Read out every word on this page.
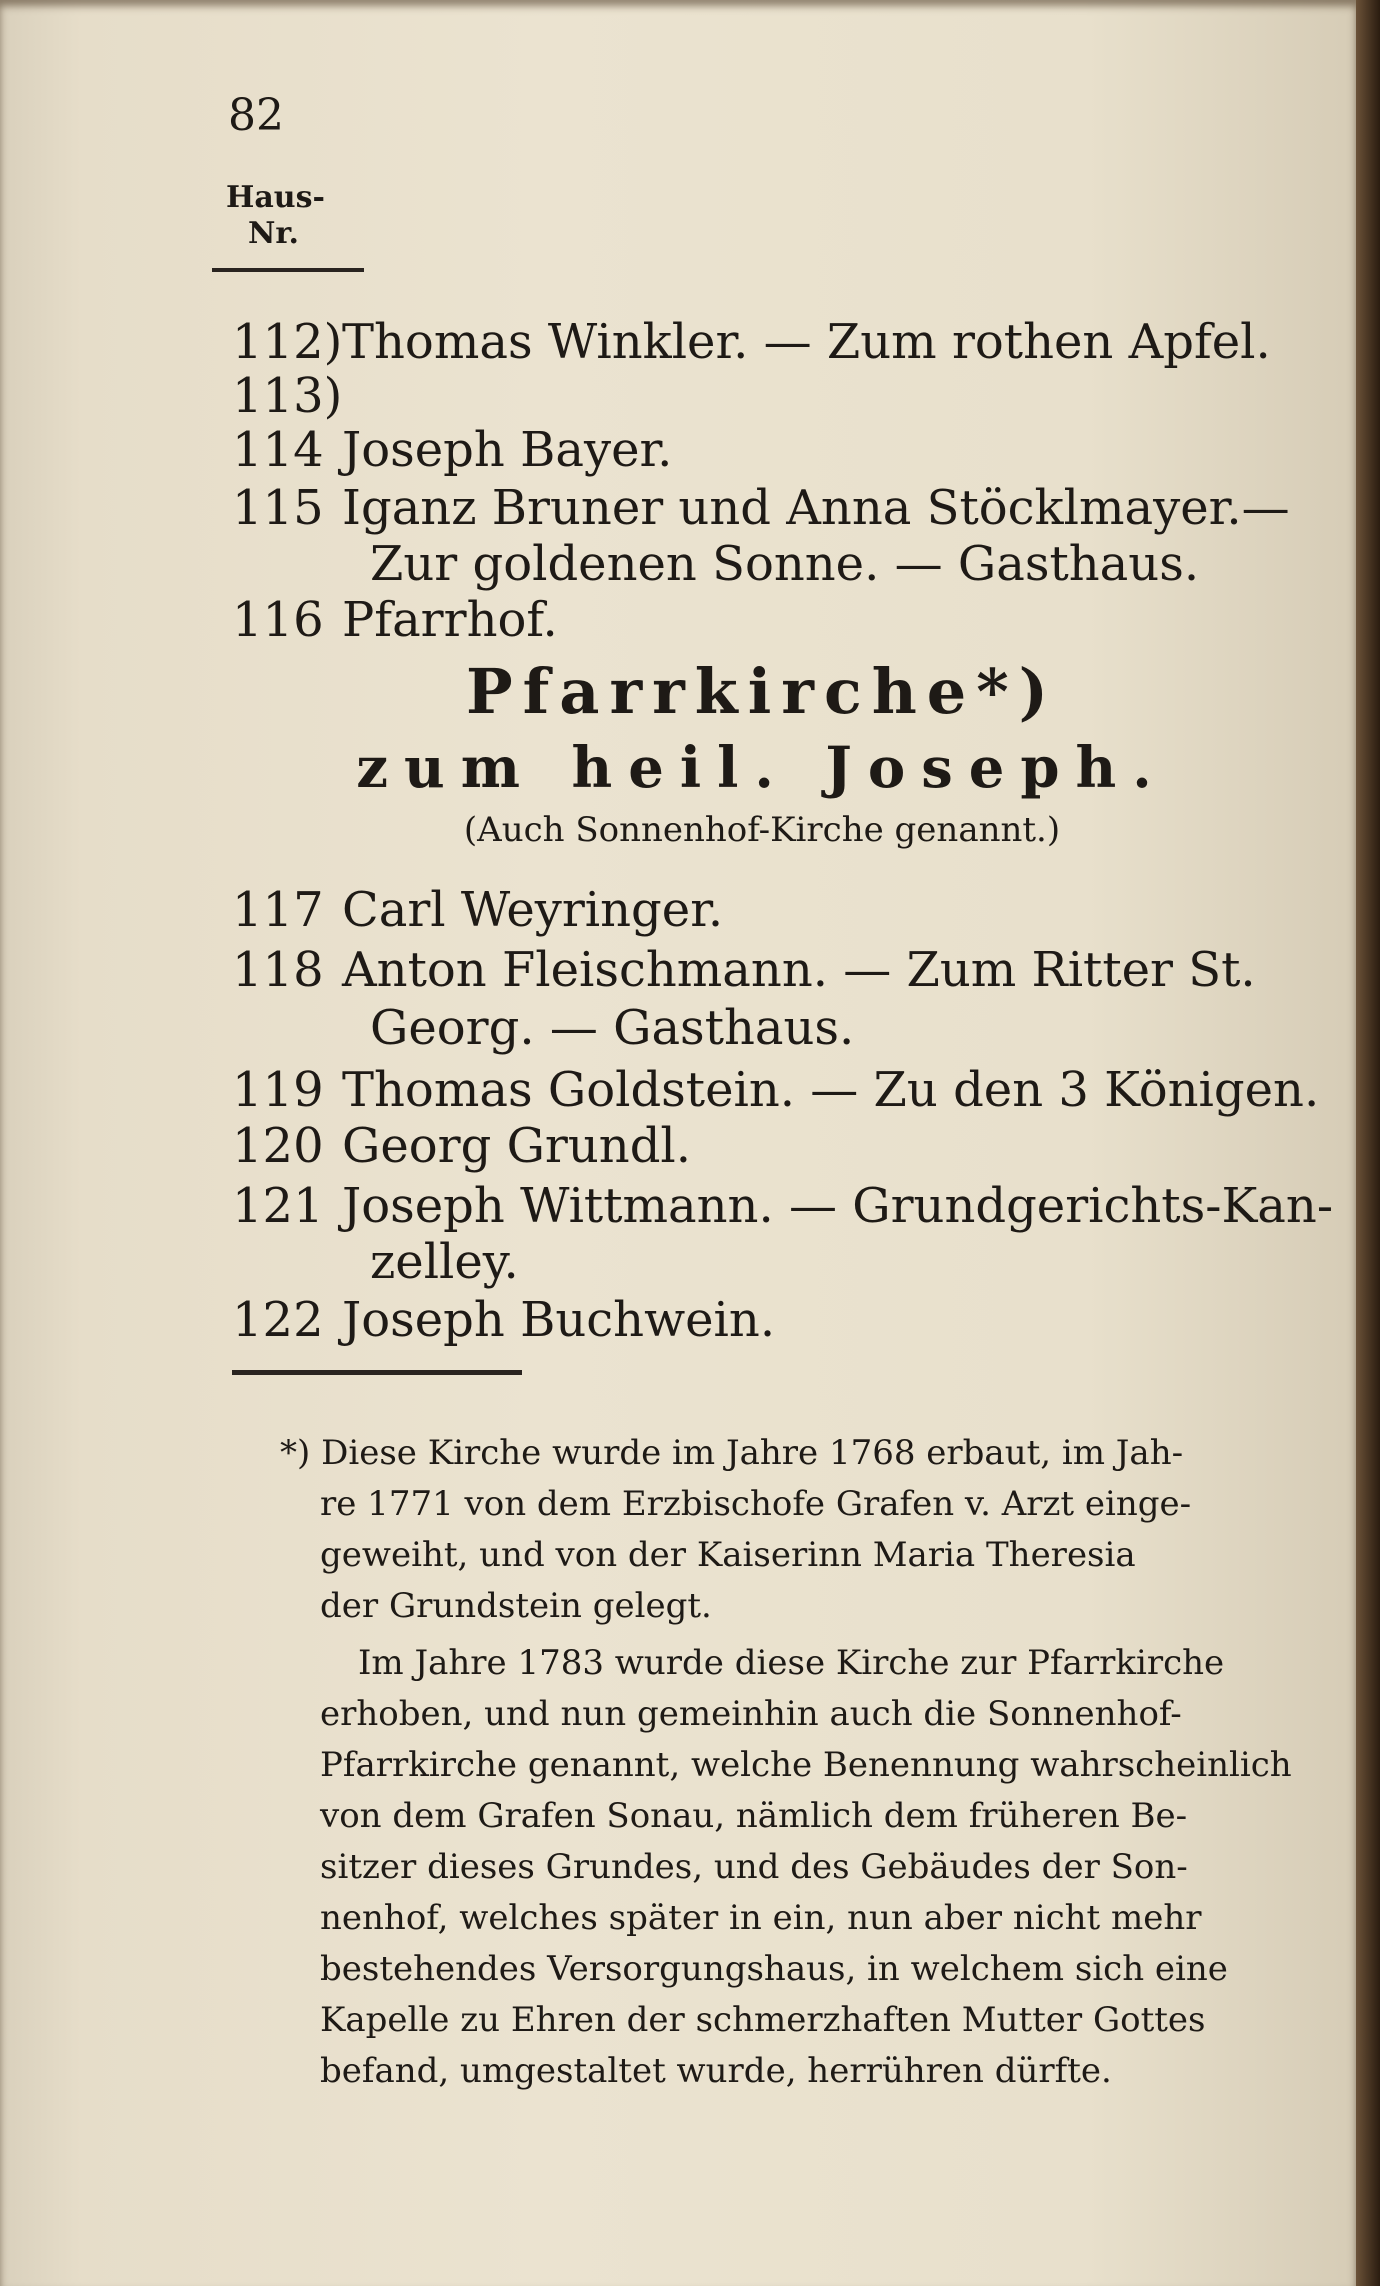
82
Haus-
Nr.
112)Thomas Winkler. — Zum rothen Apfel.
113)
114 Joseph Bayer.
115 Iganz Bruner und Anna Stöcklmayer.—
Zur goldenen Sonne. — Gasthaus.
116 Pfarrhof.
Pfarrkirche*)
zum heil. Joseph.
(Auch Sonnenhof-Kirche genannt.)
117 Carl Weyringer.
118 Anton Fleischmann. — Zum Ritter St.
Georg. — Gasthaus.
119 Thomas Goldstein. — Zu den 3 Königen.
120 Georg Grundl.
121 Joseph Wittmann. — Grundgerichts-Kan-
zelley.
122 Joseph Buchwein.
*) Diese Kirche wurde im Jahre 1768 erbaut, im Jah-
re 1771 von dem Erzbischofe Grafen v. Arzt einge-
geweiht, und von der Kaiserinn Maria Theresia
der Grundstein gelegt.
Im Jahre 1783 wurde diese Kirche zur Pfarrkirche
erhoben, und nun gemeinhin auch die Sonnenhof-
Pfarrkirche genannt, welche Benennung wahrscheinlich
von dem Grafen Sonau, nämlich dem früheren Be-
sitzer dieses Grundes, und des Gebäudes der Son-
nenhof, welches später in ein, nun aber nicht mehr
bestehendes Versorgungshaus, in welchem sich eine
Kapelle zu Ehren der schmerzhaften Mutter Gottes
befand, umgestaltet wurde, herrühren dürfte.
